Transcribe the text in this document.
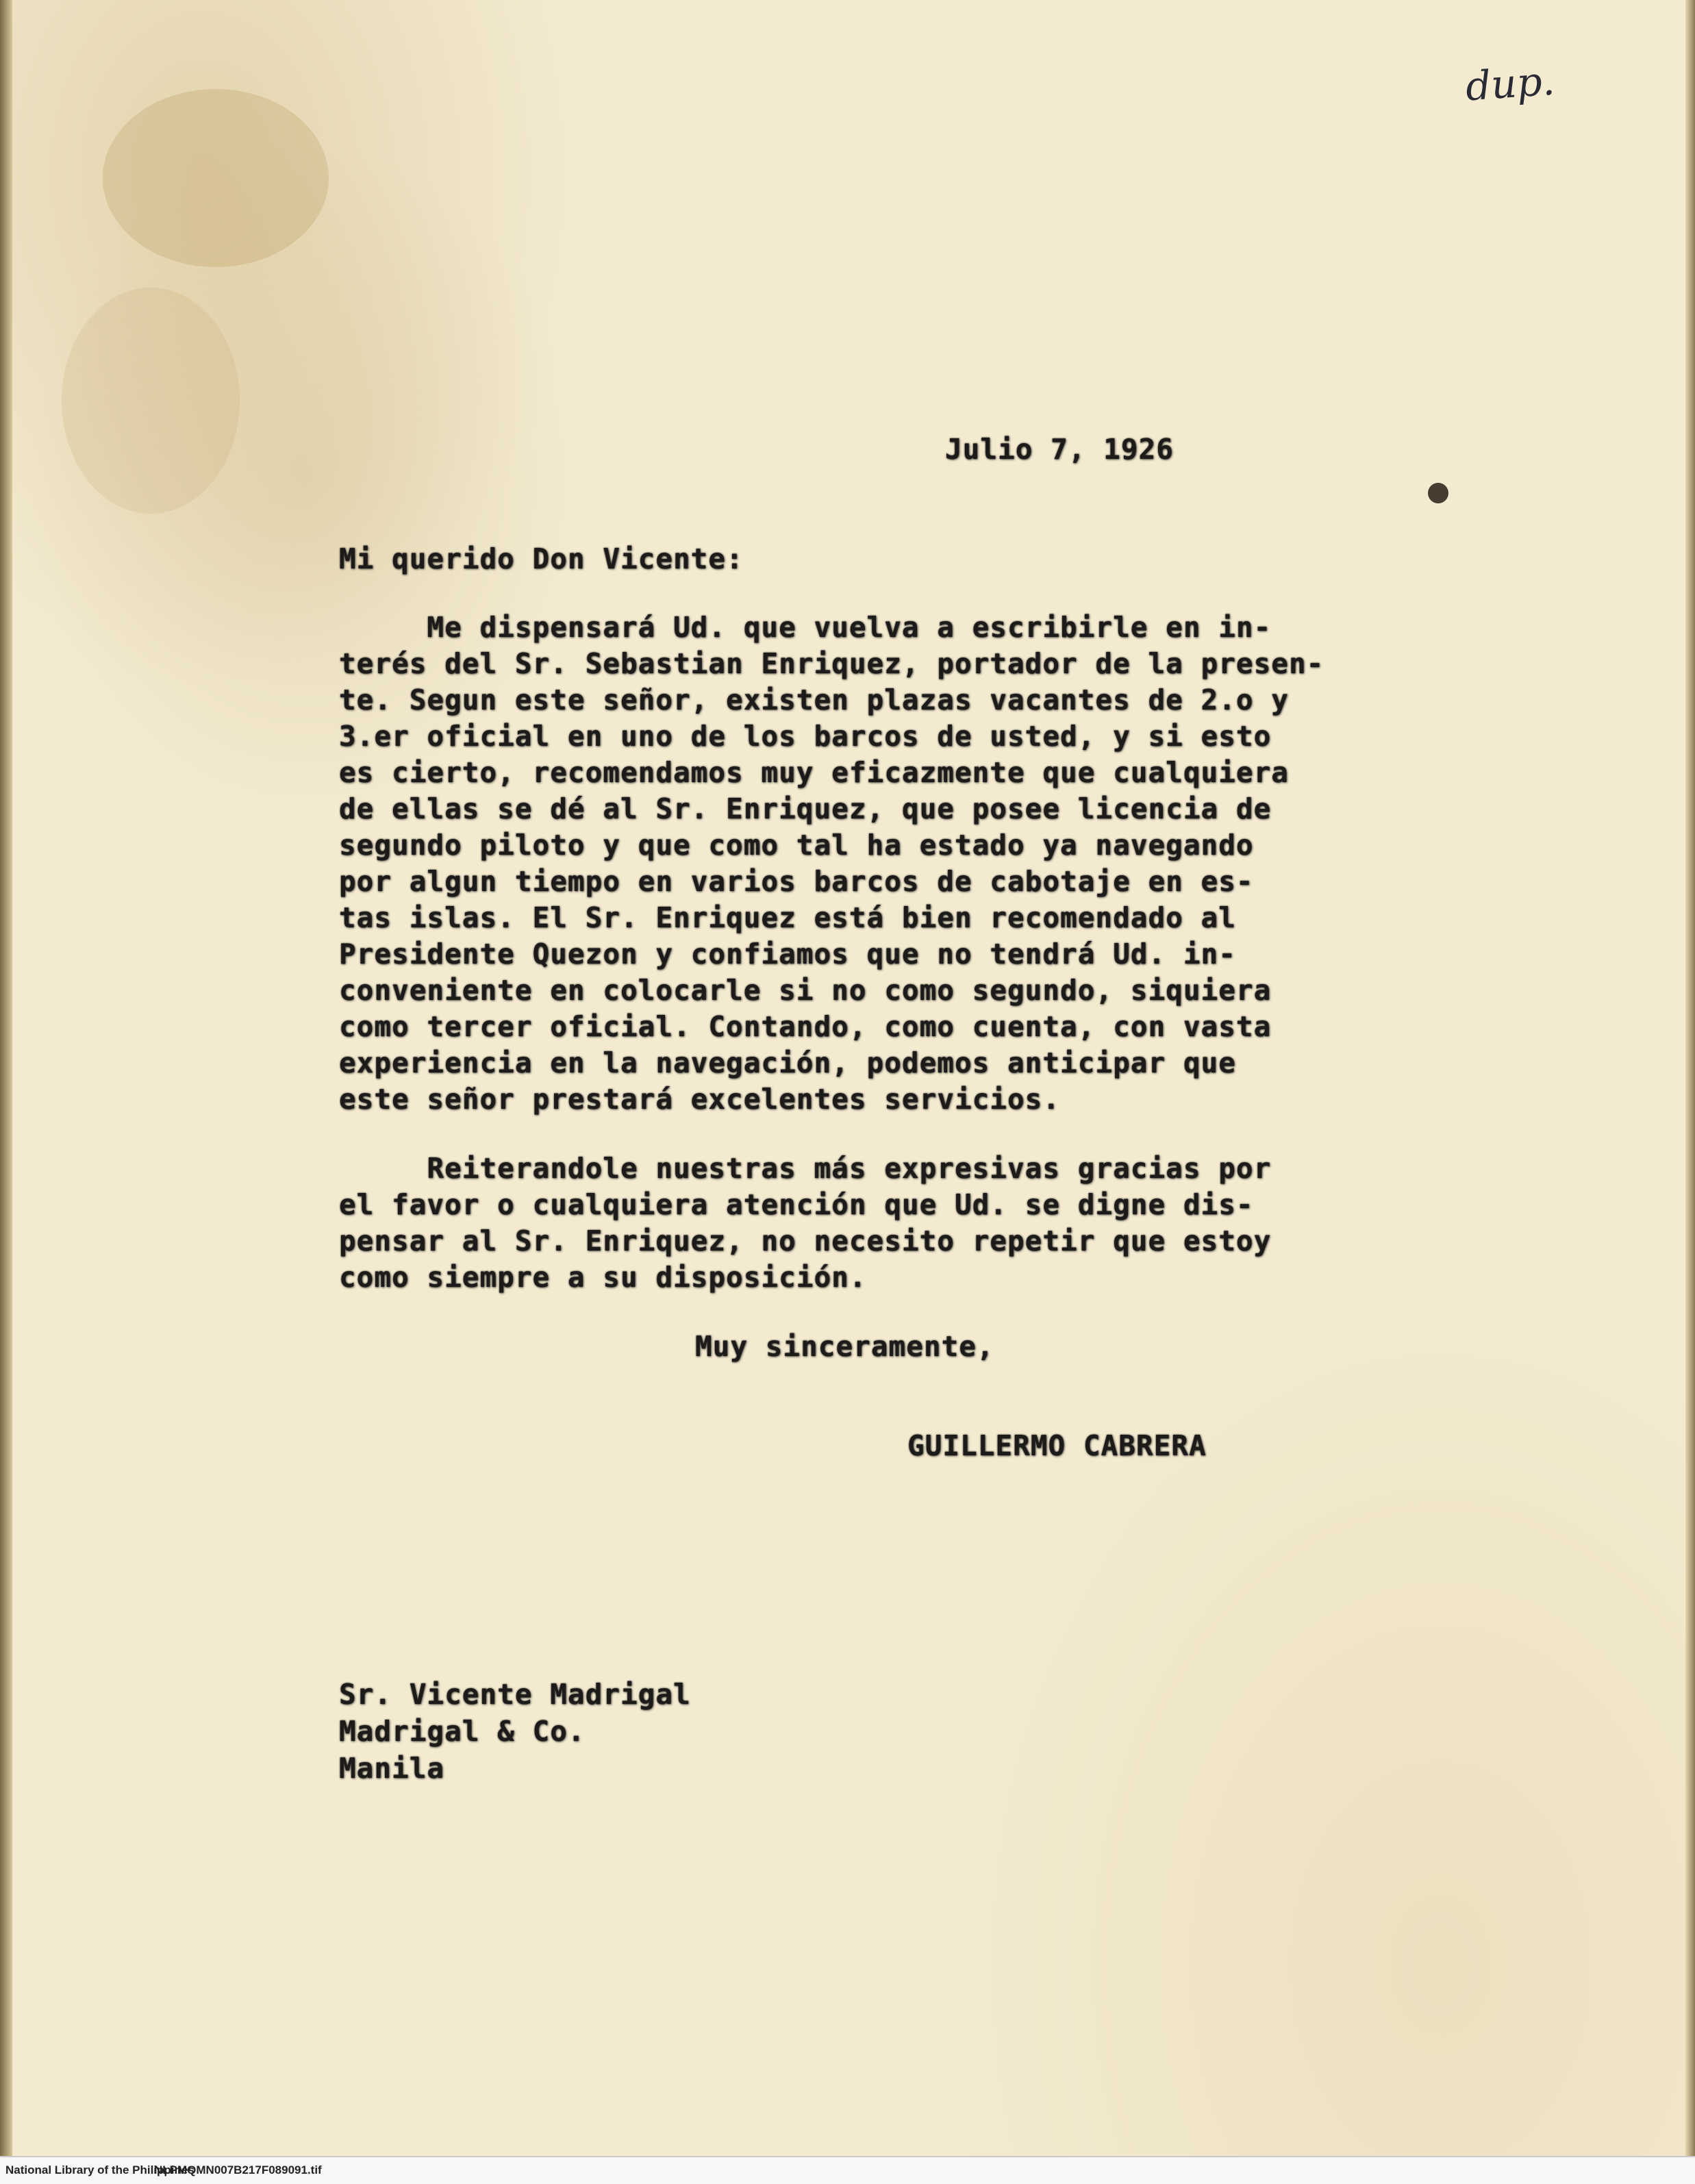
dup.
Julio 7, 1926
Mi querido Don Vicente:
Me dispensará Ud. que vuelva a escribirle en in-
terés del Sr. Sebastian Enriquez, portador de la presen-
te. Segun este señor, existen plazas vacantes de 2.o y
3.er oficial en uno de los barcos de usted, y si esto
es cierto, recomendamos muy eficazmente que cualquiera
de ellas se dé al Sr. Enriquez, que posee licencia de
segundo piloto y que como tal ha estado ya navegando
por algun tiempo en varios barcos de cabotaje en es-
tas islas. El Sr. Enriquez está bien recomendado al
Presidente Quezon y confiamos que no tendrá Ud. in-
conveniente en colocarle si no como segundo, siquiera
como tercer oficial. Contando, como cuenta, con vasta
experiencia en la navegación, podemos anticipar que
este señor prestará excelentes servicios.
Reiterandole nuestras más expresivas gracias por
el favor o cualquiera atención que Ud. se digne dis-
pensar al Sr. Enriquez, no necesito repetir que estoy
como siempre a su disposición.
Muy sinceramente,
GUILLERMO CABRERA
Sr. Vicente Madrigal
Madrigal & Co.
Manila
National Library of the Philippines
NLPMQMN007B217F089091.tif
